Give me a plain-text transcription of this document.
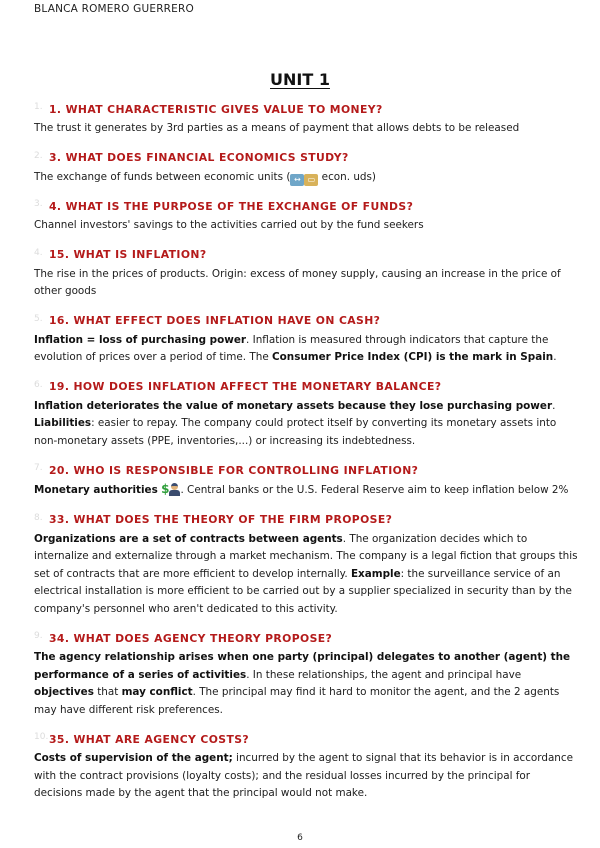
BLANCA ROMERO GUERRERO
UNIT 1
1. 1. WHAT CHARACTERISTIC GIVES VALUE TO MONEY?

The trust it generates by 3rd parties as a means of payment that allows debts to be released

2. 3. WHAT DOES FINANCIAL ECONOMICS STUDY?

The exchange of funds between economic units ( ↔ ▭ econ. uds)

3. 4. WHAT IS THE PURPOSE OF THE EXCHANGE OF FUNDS?

Channel investors' savings to the activities carried out by the fund seekers

4. 15. WHAT IS INFLATION?

The rise in the prices of products. Origin: excess of money supply, causing an increase in the price of other goods

5. 16. WHAT EFFECT DOES INFLATION HAVE ON CASH?

Inflation = loss of purchasing power. Inflation is measured through indicators that capture the evolution of prices over a period of time. The Consumer Price Index (CPI) is the mark in Spain.

6. 19. HOW DOES INFLATION AFFECT THE MONETARY BALANCE?

Inflation deteriorates the value of monetary assets because they lose purchasing power.
Liabilities: easier to repay. The company could protect itself by converting its monetary assets into non-monetary assets (PPE, inventories,...) or increasing its indebtedness.

7. 20. WHO IS RESPONSIBLE FOR CONTROLLING INFLATION?

Monetary authorities $ . Central banks or the U.S. Federal Reserve aim to keep inflation below 2%

8. 33. WHAT DOES THE THEORY OF THE FIRM PROPOSE?

Organizations are a set of contracts between agents. The organization decides which to internalize and externalize through a market mechanism. The company is a legal fiction that groups this set of contracts that are more efficient to develop internally. Example: the surveillance service of an electrical installation is more efficient to be carried out by a supplier specialized in security than by the company's personnel who aren't dedicated to this activity.

9. 34. WHAT DOES AGENCY THEORY PROPOSE?

The agency relationship arises when one party (principal) delegates to another (agent) the performance of a series of activities. In these relationships, the agent and principal have objectives that may conflict. The principal may find it hard to monitor the agent, and the 2 agents may have different risk preferences.

10. 35. WHAT ARE AGENCY COSTS?

Costs of supervision of the agent; incurred by the agent to signal that its behavior is in accordance with the contract provisions (loyalty costs); and the residual losses incurred by the principal for decisions made by the agent that the principal would not make.

6
